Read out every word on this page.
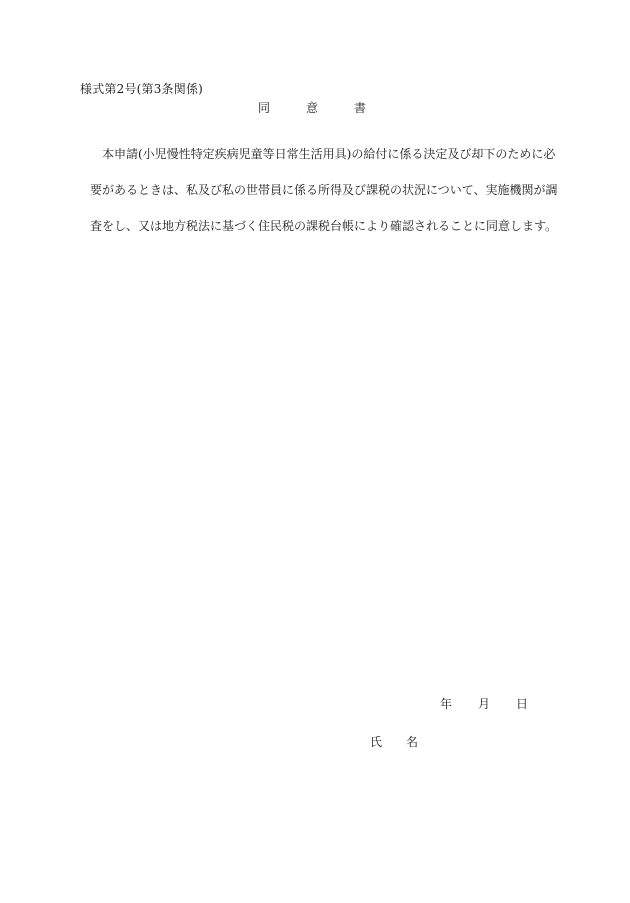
様式第2号(第3条関係)
同	意	書
本申請(小児慢性特定疾病児童等日常生活用具)の給付に係る決定及び却下のために必
要があるときは、私及び私の世帯員に係る所得及び課税の状況について、実施機関が調
査をし、又は地方税法に基づく住民税の課税台帳により確認されることに同意します。
年 月 日
氏 名
